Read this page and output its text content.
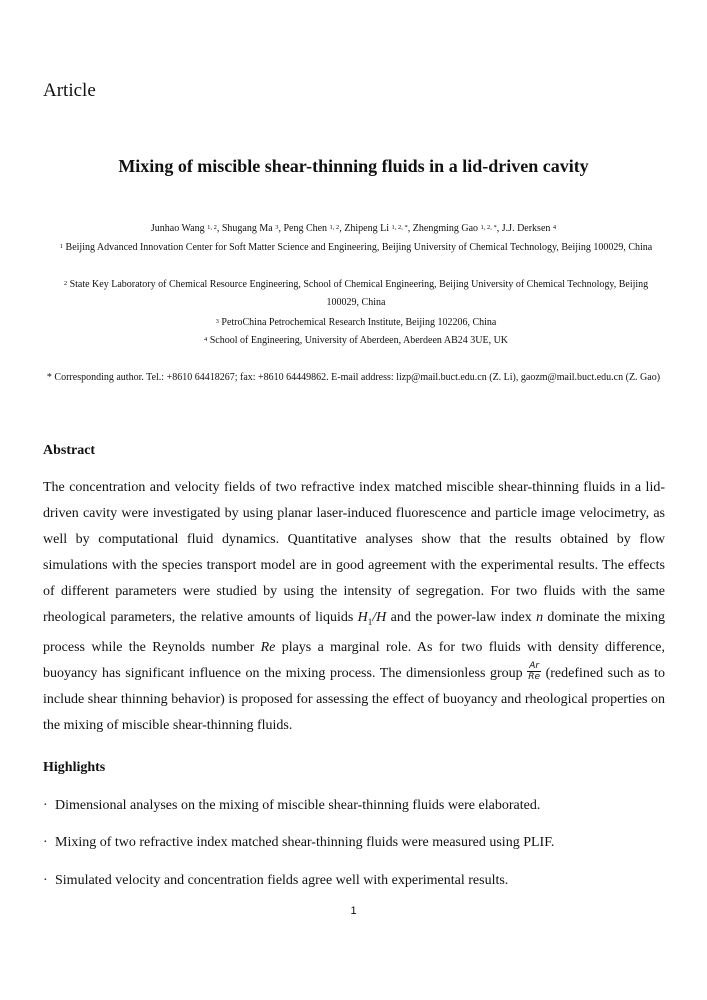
Article
Mixing of miscible shear-thinning fluids in a lid-driven cavity
Junhao Wang $^{1, 2}$, Shugang Ma $^3$, Peng Chen $^{1, 2}$, Zhipeng Li $^{1, 2, *}$, Zhengming Gao $^{1, 2, *}$, J.J. Derksen $^4$
$^1$ Beijing Advanced Innovation Center for Soft Matter Science and Engineering, Beijing University of Chemical Technology, Beijing 100029, China
$^2$ State Key Laboratory of Chemical Resource Engineering, School of Chemical Engineering, Beijing University of Chemical Technology, Beijing 100029, China
$^3$ PetroChina Petrochemical Research Institute, Beijing 102206, China
$^4$ School of Engineering, University of Aberdeen, Aberdeen AB24 3UE, UK
* Corresponding author. Tel.: +8610 64418267; fax: +8610 64449862. E-mail address: lizp@mail.buct.edu.cn (Z. Li), gaozm@mail.buct.edu.cn (Z. Gao)
Abstract
The concentration and velocity fields of two refractive index matched miscible shear-thinning fluids in a lid-driven cavity were investigated by using planar laser-induced fluorescence and particle image velocimetry, as well by computational fluid dynamics. Quantitative analyses show that the results obtained by flow simulations with the species transport model are in good agreement with the experimental results. The effects of different parameters were studied by using the intensity of segregation. For two fluids with the same rheological parameters, the relative amounts of liquids $H_1/H$ and the power-law index n dominate the mixing process while the Reynolds number Re plays a marginal role. As for two fluids with density difference, buoyancy has significant influence on the mixing process. The dimensionless group $\frac{Ar}{Re}$ (redefined such as to include shear thinning behavior) is proposed for assessing the effect of buoyancy and rheological properties on the mixing of miscible shear-thinning fluids.
Highlights
· Dimensional analyses on the mixing of miscible shear-thinning fluids were elaborated.
· Mixing of two refractive index matched shear-thinning fluids were measured using PLIF.
· Simulated velocity and concentration fields agree well with experimental results.
1
